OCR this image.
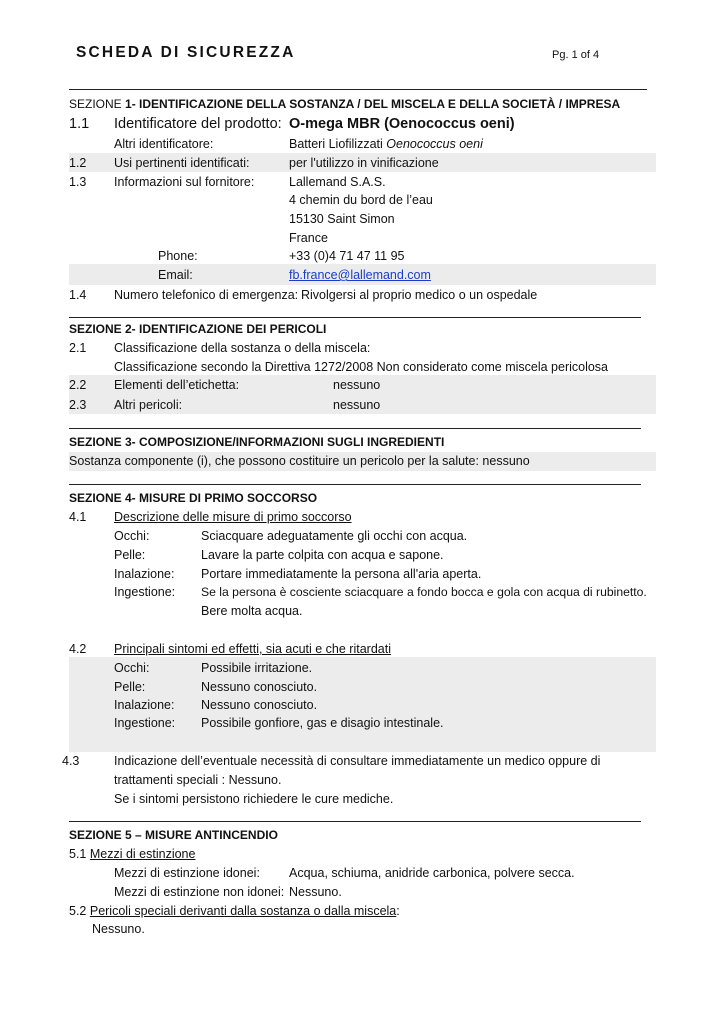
SCHEDA DI SICUREZZA	Pg. 1 of 4
SEZIONE 1- IDENTIFICAZIONE DELLA SOSTANZA / DEL MISCELA E DELLA SOCIETÀ / IMPRESA
1.1 Identificatore del prodotto: O-mega MBR (Oenococcus oeni)
Altri identificatore:	Batteri Liofilizzati Oenococcus oeni
1.2 Usi pertinenti identificati:	per l'utilizzo in vinificazione
1.3 Informazioni sul fornitore:	Lallemand S.A.S.
4 chemin du bord de l’eau
15130 Saint Simon
France
Phone:	+33 (0)4 71 47 11 95
Email:	fb.france@lallemand.com
1.4 Numero telefonico di emergenza: Rivolgersi al proprio medico o un ospedale
SEZIONE 2- IDENTIFICAZIONE DEI PERICOLI
2.1 Classificazione della sostanza o della miscela:
Classificazione secondo la Direttiva 1272/2008 Non considerato come miscela pericolosa
2.2 Elementi dell’etichetta:	nessuno
2.3 Altri pericoli:	nessuno
SEZIONE 3- COMPOSIZIONE/INFORMAZIONI SUGLI INGREDIENTI
Sostanza componente (i), che possono costituire un pericolo per la salute: nessuno
SEZIONE 4- MISURE DI PRIMO SOCCORSO
4.1 Descrizione delle misure di primo soccorso
Occhi:	Sciacquare adeguatamente gli occhi con acqua.
Pelle:	Lavare la parte colpita con acqua e sapone.
Inalazione: Portare immediatamente la persona all'aria aperta.
Ingestione: Se la persona è cosciente sciacquare a fondo bocca e gola con acqua di rubinetto.
Bere molta acqua.
4.2 Principali sintomi ed effetti, sia acuti e che ritardati
Occhi:	Possibile irritazione.
Pelle:	Nessuno conosciuto.
Inalazione: Nessuno conosciuto.
Ingestione: Possibile gonfiore, gas e disagio intestinale.
4.3	Indicazione dell’eventuale necessità di consultare immediatamente un medico oppure di
trattamenti speciali : Nessuno.
Se i sintomi persistono richiedere le cure mediche.
SEZIONE 5 – MISURE ANTINCENDIO
5.1 Mezzi di estinzione
Mezzi di estinzione idonei: Acqua, schiuma, anidride carbonica, polvere secca.
Mezzi di estinzione non idonei: Nessuno.
5.2 Pericoli speciali derivanti dalla sostanza o dalla miscela:
Nessuno.
